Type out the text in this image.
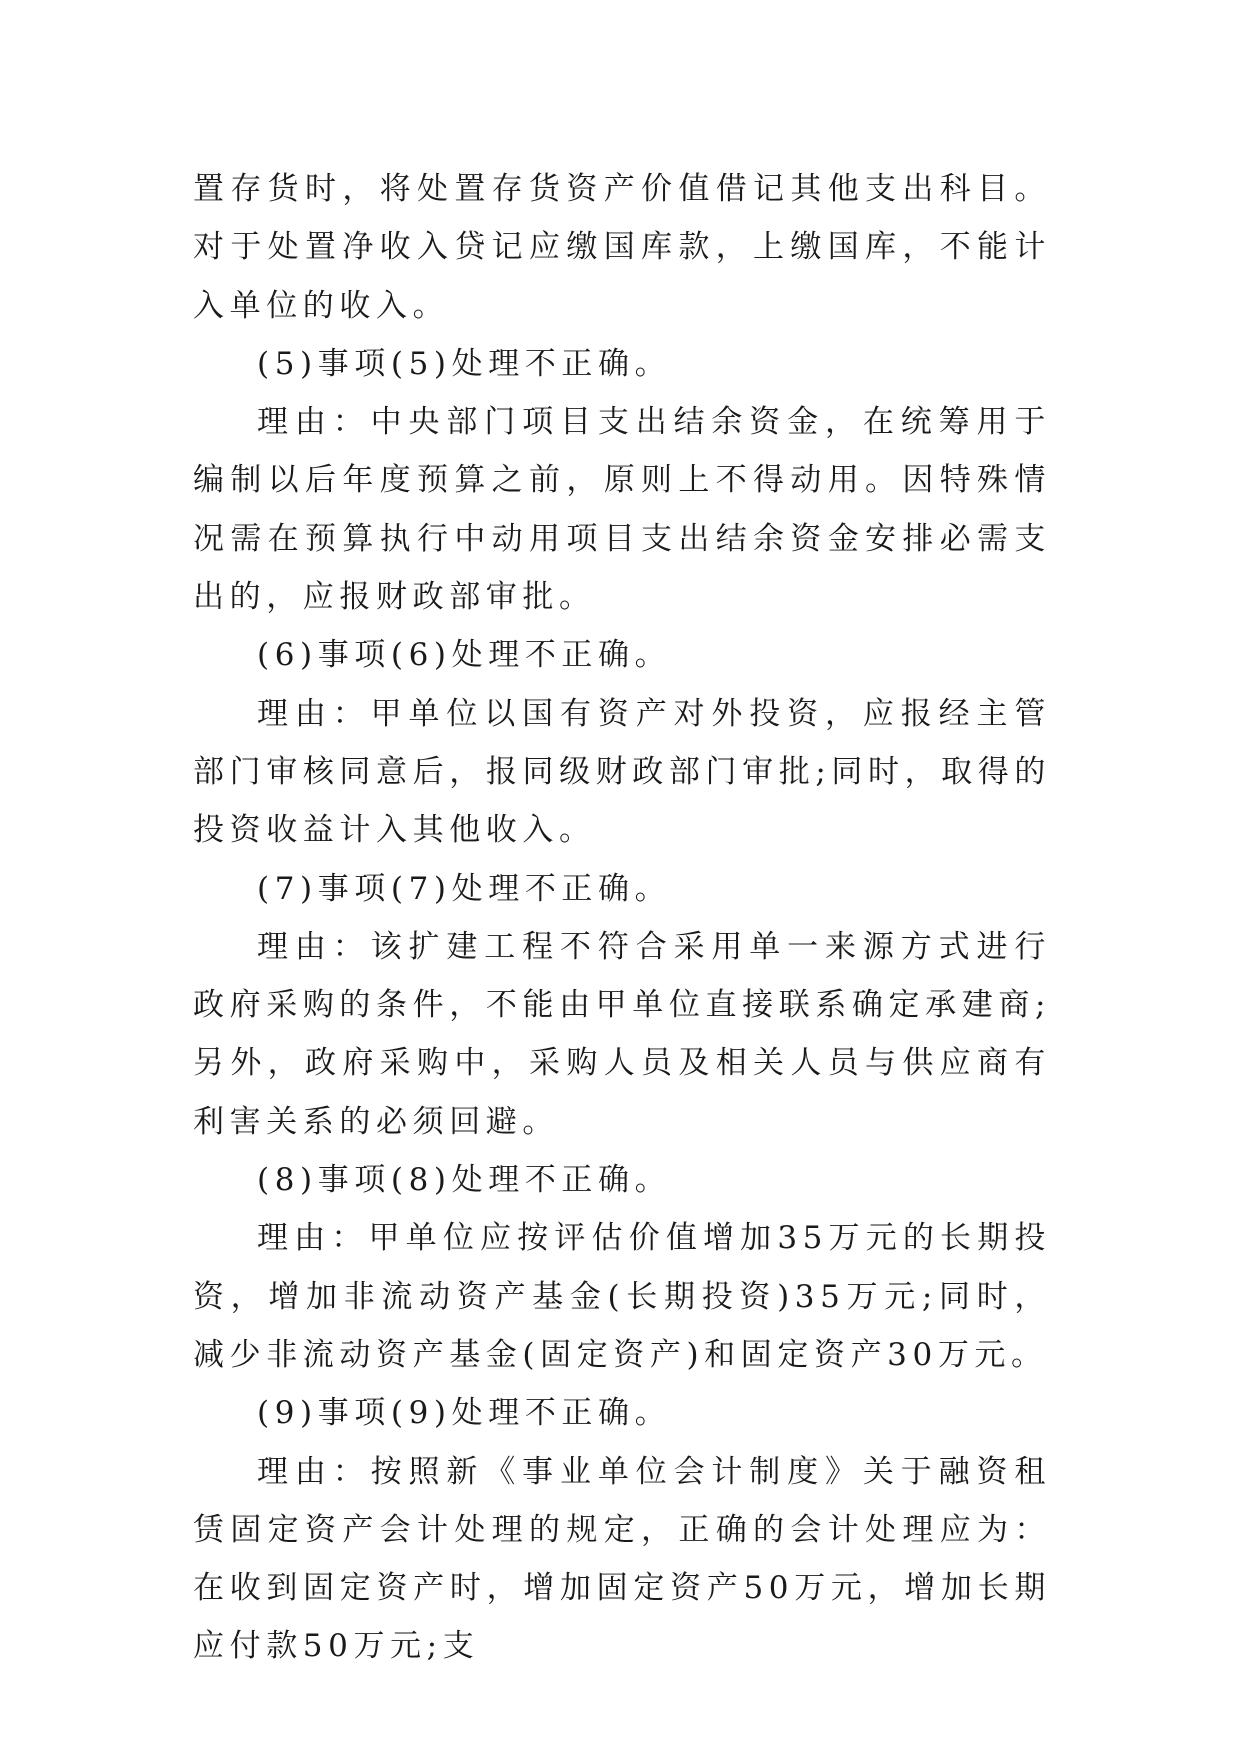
置存货时，将处置存货资产价值借记其他支出科目。对于处置净收入贷记应缴国库款，上缴国库，不能计入单位的收入。

(5)事项(5)处理不正确。

理由：中央部门项目支出结余资金，在统筹用于编制以后年度预算之前，原则上不得动用。因特殊情况需在预算执行中动用项目支出结余资金安排必需支出的，应报财政部审批。

(6)事项(6)处理不正确。

理由：甲单位以国有资产对外投资，应报经主管部门审核同意后，报同级财政部门审批;同时，取得的投资收益计入其他收入。

(7)事项(7)处理不正确。

理由：该扩建工程不符合采用单一来源方式进行政府采购的条件，不能由甲单位直接联系确定承建商;另外，政府采购中，采购人员及相关人员与供应商有利害关系的必须回避。

(8)事项(8)处理不正确。

理由：甲单位应按评估价值增加35万元的长期投资，增加非流动资产基金(长期投资)35万元;同时，减少非流动资产基金(固定资产)和固定资产30万元。

(9)事项(9)处理不正确。

理由：按照新《事业单位会计制度》关于融资租赁固定资产会计处理的规定，正确的会计处理应为：在收到固定资产时，增加固定资产50万元，增加长期应付款50万元;支
